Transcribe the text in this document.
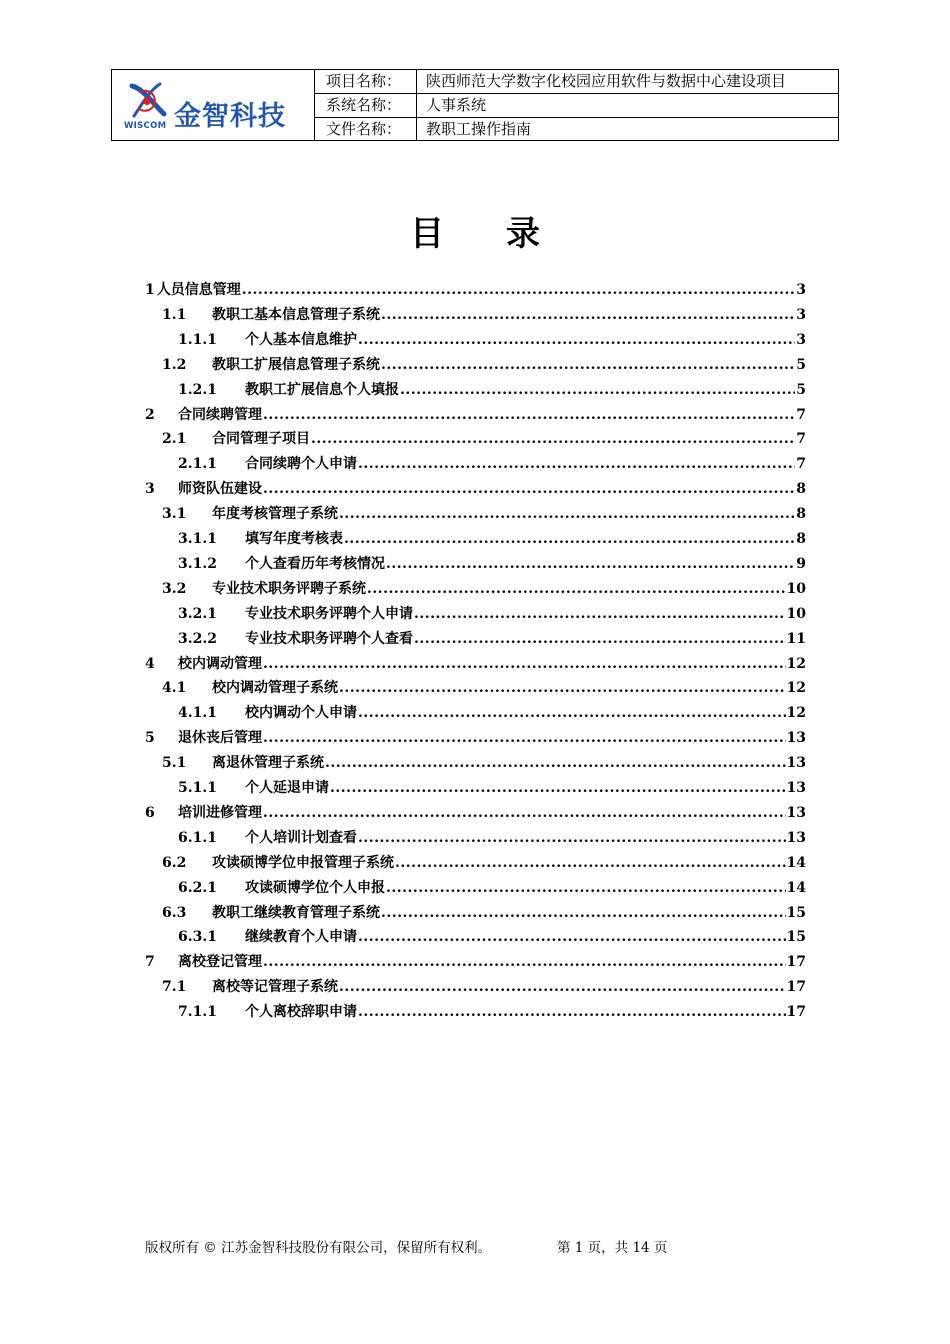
金智科技
WISCOM
项目名称：	陕西师范大学数字化校园应用软件与数据中心建设项目
系统名称：	人事系统
文件名称：	教职工操作指南
目 录
1 人员信息管理 .....	3
1.1	教职工基本信息管理子系统 .....	3
1.1.1	个人基本信息维护 .....	3
1.2	教职工扩展信息管理子系统 .....	5
1.2.1	教职工扩展信息个人填报 .....	5
2	合同续聘管理 .....	7
2.1	合同管理子项目 .....	7
2.1.1	合同续聘个人申请 .....	7
3	师资队伍建设 .....	8
3.1	年度考核管理子系统 .....	8
3.1.1	填写年度考核表 .....	8
3.1.2	个人查看历年考核情况 .....	9
3.2	专业技术职务评聘子系统 .....	10
3.2.1	专业技术职务评聘个人申请 .....	10
3.2.2	专业技术职务评聘个人查看 .....	11
4	校内调动管理 .....	12
4.1	校内调动管理子系统 .....	12
4.1.1	校内调动个人申请 .....	12
5	退休丧后管理 .....	13
5.1	离退休管理子系统 .....	13
5.1.1	个人延退申请 .....	13
6	培训进修管理 .....	13
6.1.1	个人培训计划查看 .....	13
6.2	攻读硕博学位申报管理子系统 .....	14
6.2.1	攻读硕博学位个人申报 .....	14
6.3	教职工继续教育管理子系统 .....	15
6.3.1	继续教育个人申请 .....	15
7	离校登记管理 .....	17
7.1	离校等记管理子系统 .....	17
7.1.1	个人离校辞职申请 .....	17
版权所有 © 江苏金智科技股份有限公司，保留所有权利。	第 1 页，共 14 页
